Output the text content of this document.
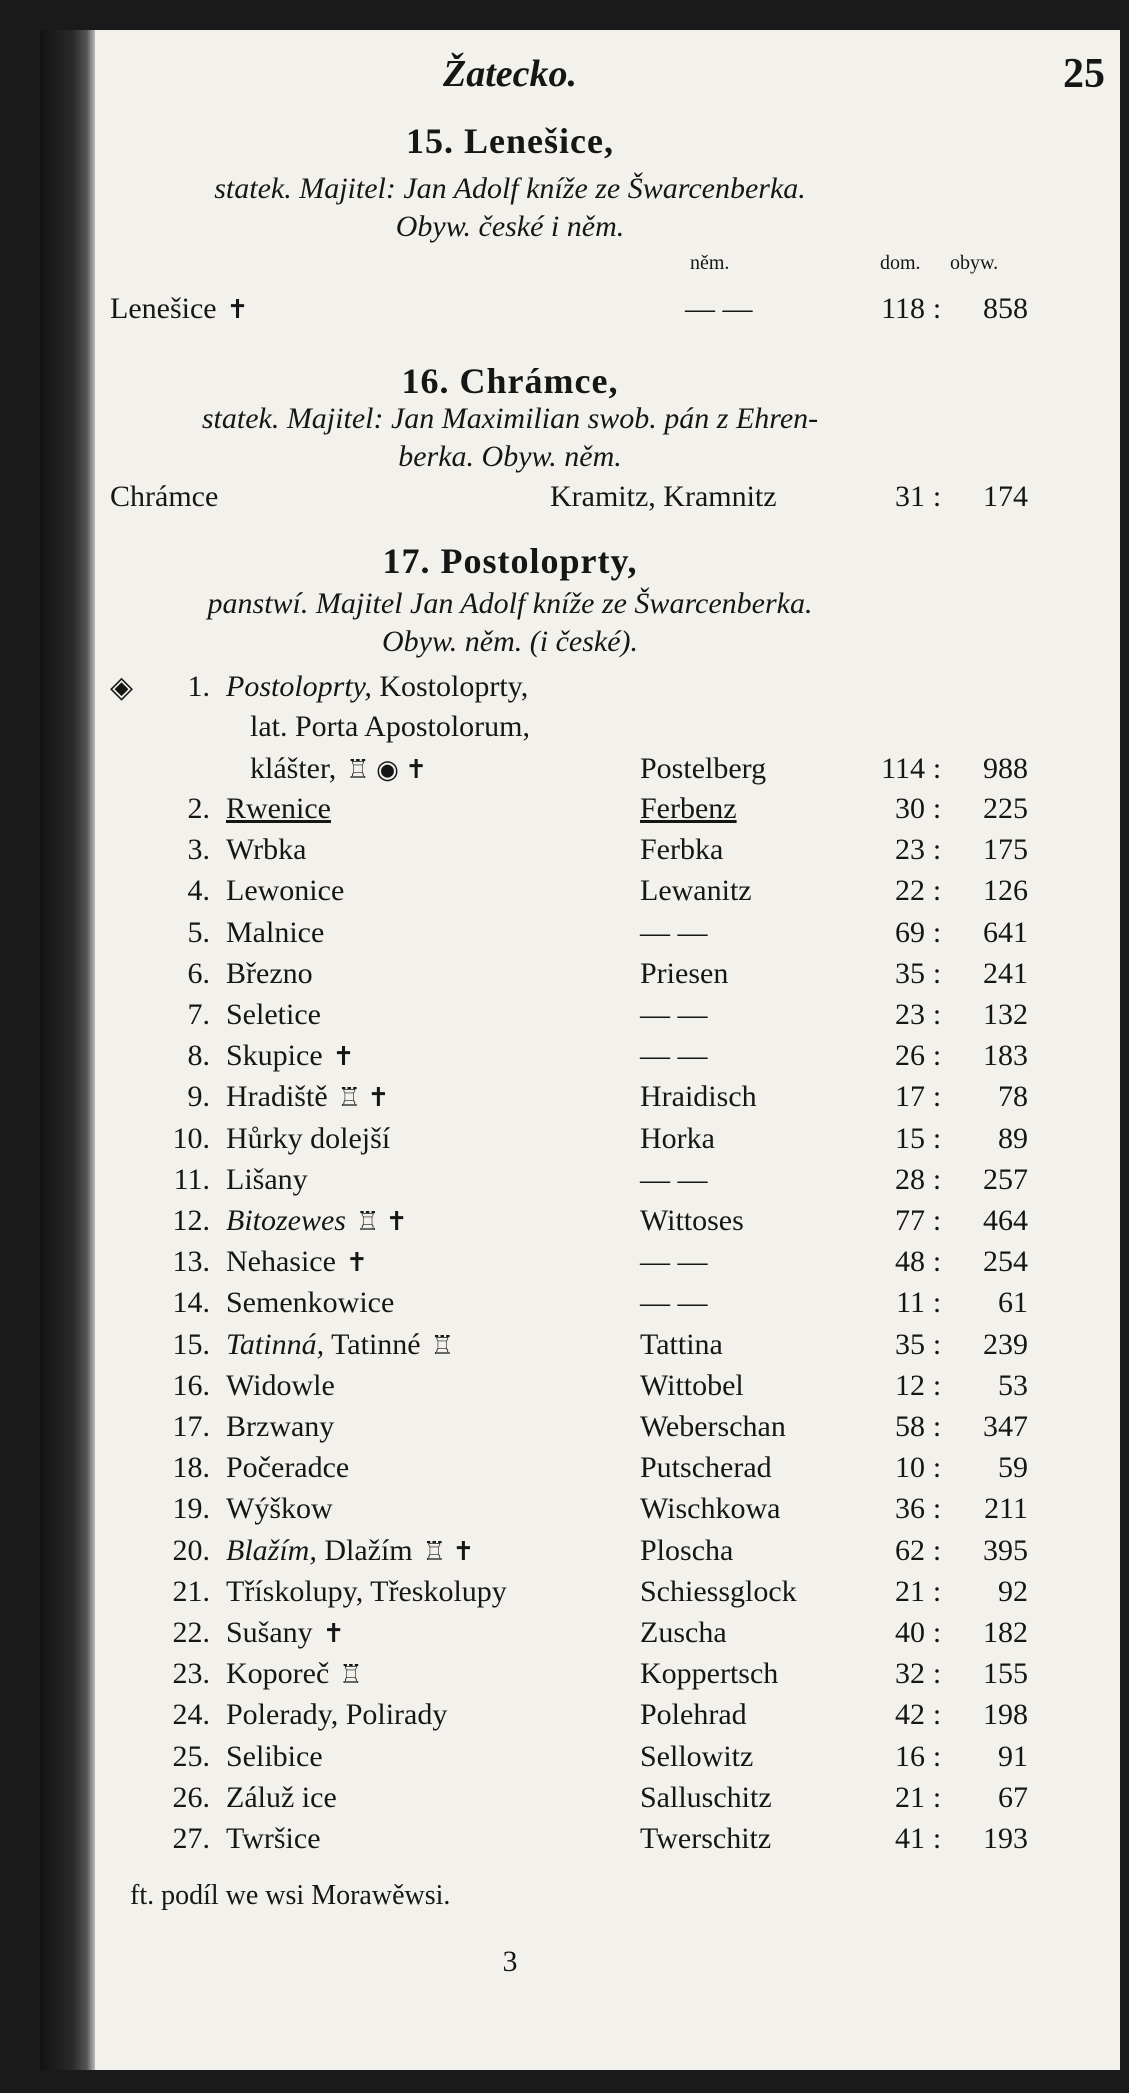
Žatecko.	25
15. Lenešice,
statek. Majitel: Jan Adolf kníže ze Šwarcenberka.
Obyw. české i něm.
něm.	dom. obyw.
Lenešice ✝	— —	118 :	858
16. Chrámce,
statek. Majitel: Jan Maximilian swob. pán z Ehren-
berka. Obyw. něm.
Chrámce	Kramitz, Kramnitz	31 :	174
17. Postoloprty,
panstwí. Majitel Jan Adolf kníže ze Šwarcenberka.
Obyw. něm. (i české).
◈	1. Postoloprty, Kostoloprty,
lat. Porta Apostolorum,
klášter, ♖ ◉ ✝	Postelberg	114 :	988
2. Rwenice	Ferbenz	30 :	225
3. Wrbka	Ferbka	23 :	175
4. Lewonice	Lewanitz	22 :	126
5. Malnice	— —	69 :	641
6. Březno	Priesen	35 :	241
7. Seletice	— —	23 :	132
8. Skupice ✝	— —	26 :	183
9. Hradiště ♖ ✝	Hraidisch	17 :	78
10. Hůrky dolejší	Horka	15 :	89
11. Lišany	— —	28 :	257
12. Bitozewes ♖ ✝	Wittoses	77 :	464
13. Nehasice ✝	— —	48 :	254
14. Semenkowice	— —	11 :	61
15. Tatinná, Tatinné ♖	Tattina	35 :	239
16. Widowle	Wittobel	12 :	53
17. Brzwany	Weberschan	58 :	347
18. Počeradce	Putscherad	10 :	59
19. Wýškow	Wischkowa	36 :	211
20. Blažím, Dlažím ♖ ✝	Ploscha	62 :	395
21. Třískolupy, Třeskolupy	Schiessglock	21 :	92
22. Sušany ✝	Zuscha	40 :	182
23. Koporeč ♖	Koppertsch	32 :	155
24. Polerady, Polirady	Polehrad	42 :	198
25. Selibice	Sellowitz	16 :	91
26. Záluž ice	Salluschitz	21 :	67
27. Twršice	Twerschitz	41 :	193
ft. podíl we wsi Morawěwsi.
3
